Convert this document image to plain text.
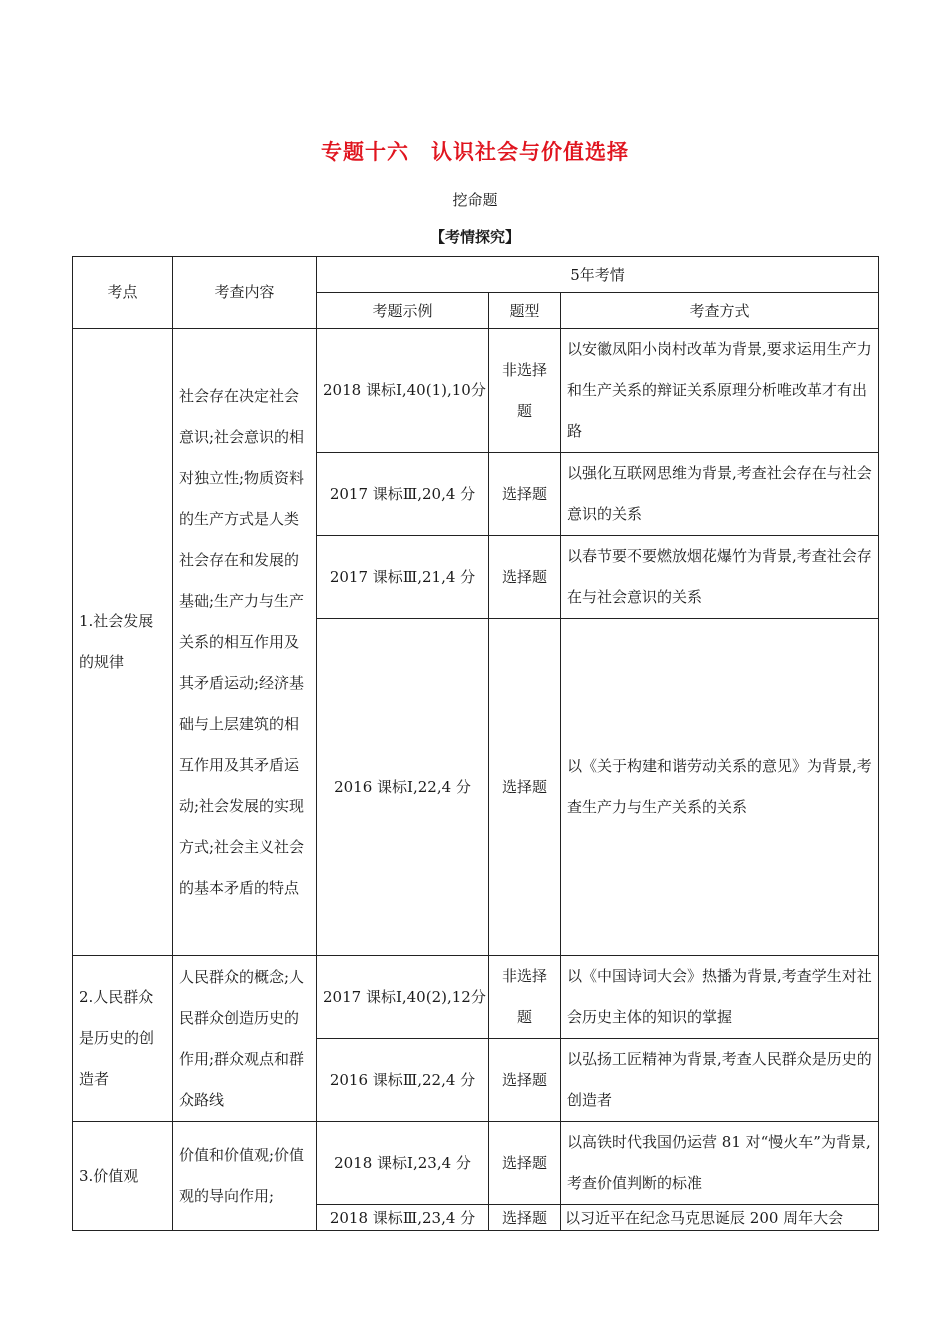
专题十六　认识社会与价值选择
挖命题
【考情探究】
考点	考查内容	5年考情		
		考题示例	题型	考查方式
1.社会发展的规律	社会存在决定社会意识;社会意识的相对独立性;物质资料的生产方式是人类社会存在和发展的基础;生产力与生产关系的相互作用及其矛盾运动;经济基础与上层建筑的相互作用及其矛盾运动;社会发展的实现方式;社会主义社会的基本矛盾的特点	2018 课标Ⅰ,40(1),10分	非选择题	以安徽凤阳小岗村改革为背景,要求运用生产力和生产关系的辩证关系原理分析唯改革才有出路
		2017 课标Ⅲ,20,4 分	选择题	以强化互联网思维为背景,考查社会存在与社会意识的关系
		2017 课标Ⅲ,21,4 分	选择题	以春节要不要燃放烟花爆竹为背景,考查社会存在与社会意识的关系
		2016 课标Ⅰ,22,4 分	选择题	以《关于构建和谐劳动关系的意见》为背景,考查生产力与生产关系的关系
2.人民群众是历史的创造者	人民群众的概念;人民群众创造历史的作用;群众观点和群众路线	2017 课标Ⅰ,40(2),12分	非选择题	以《中国诗词大会》热播为背景,考查学生对社会历史主体的知识的掌握
		2016 课标Ⅲ,22,4 分	选择题	以弘扬工匠精神为背景,考查人民群众是历史的创造者
3.价值观	价值和价值观;价值观的导向作用;	2018 课标Ⅰ,23,4 分	选择题	以高铁时代我国仍运营 81 对“慢火车”为背景,考查价值判断的标准
		2018 课标Ⅲ,23,4 分	选择题	以习近平在纪念马克思诞辰 200 周年大会
